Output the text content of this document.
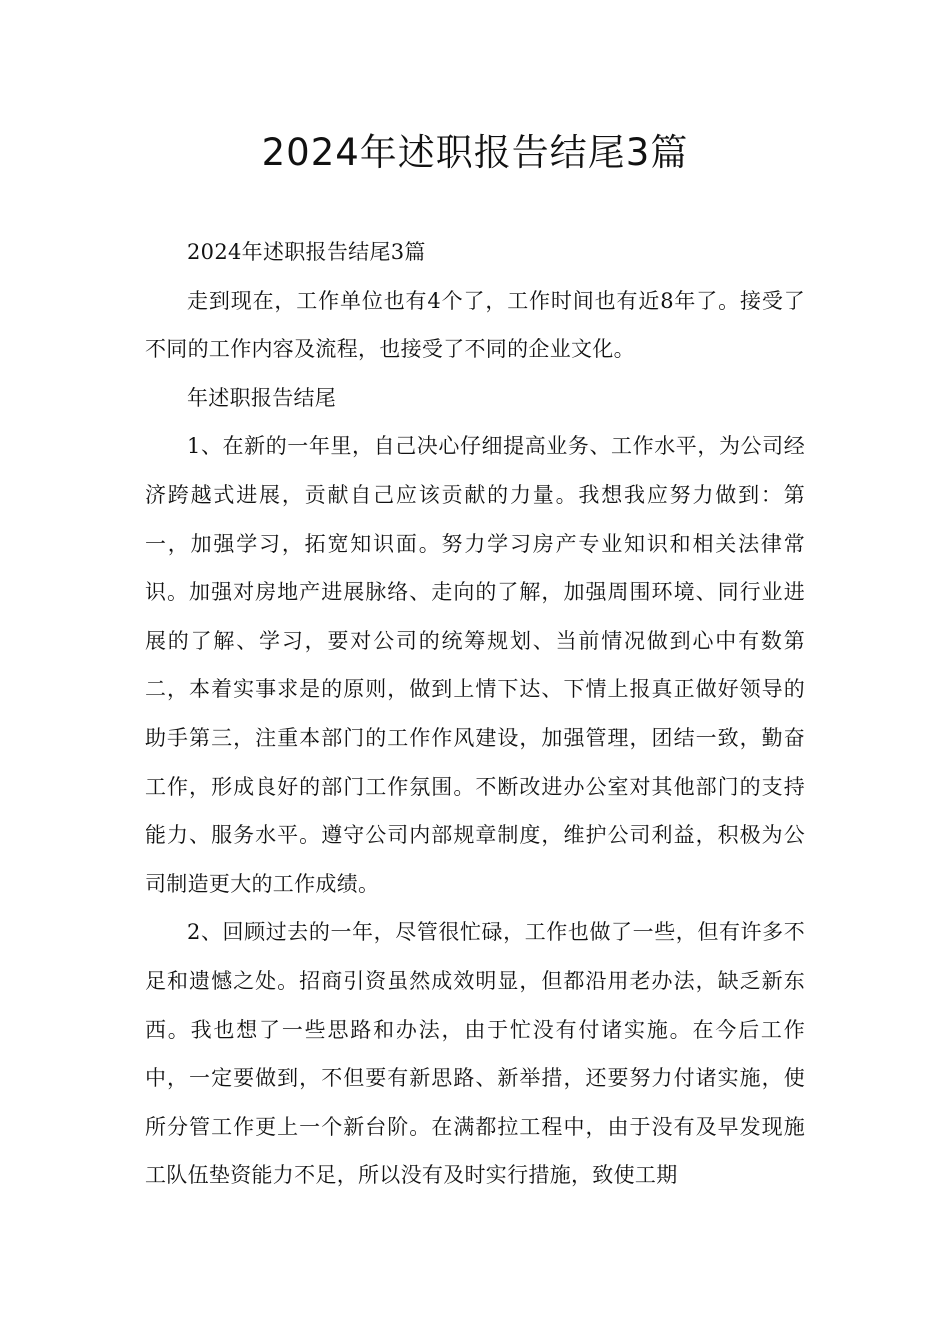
2024年述职报告结尾3篇

2024年述职报告结尾3篇

走到现在，工作单位也有4个了，工作时间也有近8年了。接受了不同的工作内容及流程，也接受了不同的企业文化。

年述职报告结尾

1、在新的一年里，自己决心仔细提高业务、工作水平，为公司经济跨越式进展，贡献自己应该贡献的力量。我想我应努力做到：第一，加强学习，拓宽知识面。努力学习房产专业知识和相关法律常识。加强对房地产进展脉络、走向的了解，加强周围环境、同行业进展的了解、学习，要对公司的统筹规划、当前情况做到心中有数第二，本着实事求是的原则，做到上情下达、下情上报真正做好领导的助手第三，注重本部门的工作作风建设，加强管理，团结一致，勤奋工作，形成良好的部门工作氛围。不断改进办公室对其他部门的支持能力、服务水平。遵守公司内部规章制度，维护公司利益，积极为公司制造更大的工作成绩。

2、回顾过去的一年，尽管很忙碌，工作也做了一些，但有许多不足和遗憾之处。招商引资虽然成效明显，但都沿用老办法，缺乏新东西。我也想了一些思路和办法，由于忙没有付诸实施。在今后工作中，一定要做到，不但要有新思路、新举措，还要努力付诸实施，使所分管工作更上一个新台阶。在满都拉工程中，由于没有及早发现施工队伍垫资能力不足，所以没有及时实行措施，致使工期
